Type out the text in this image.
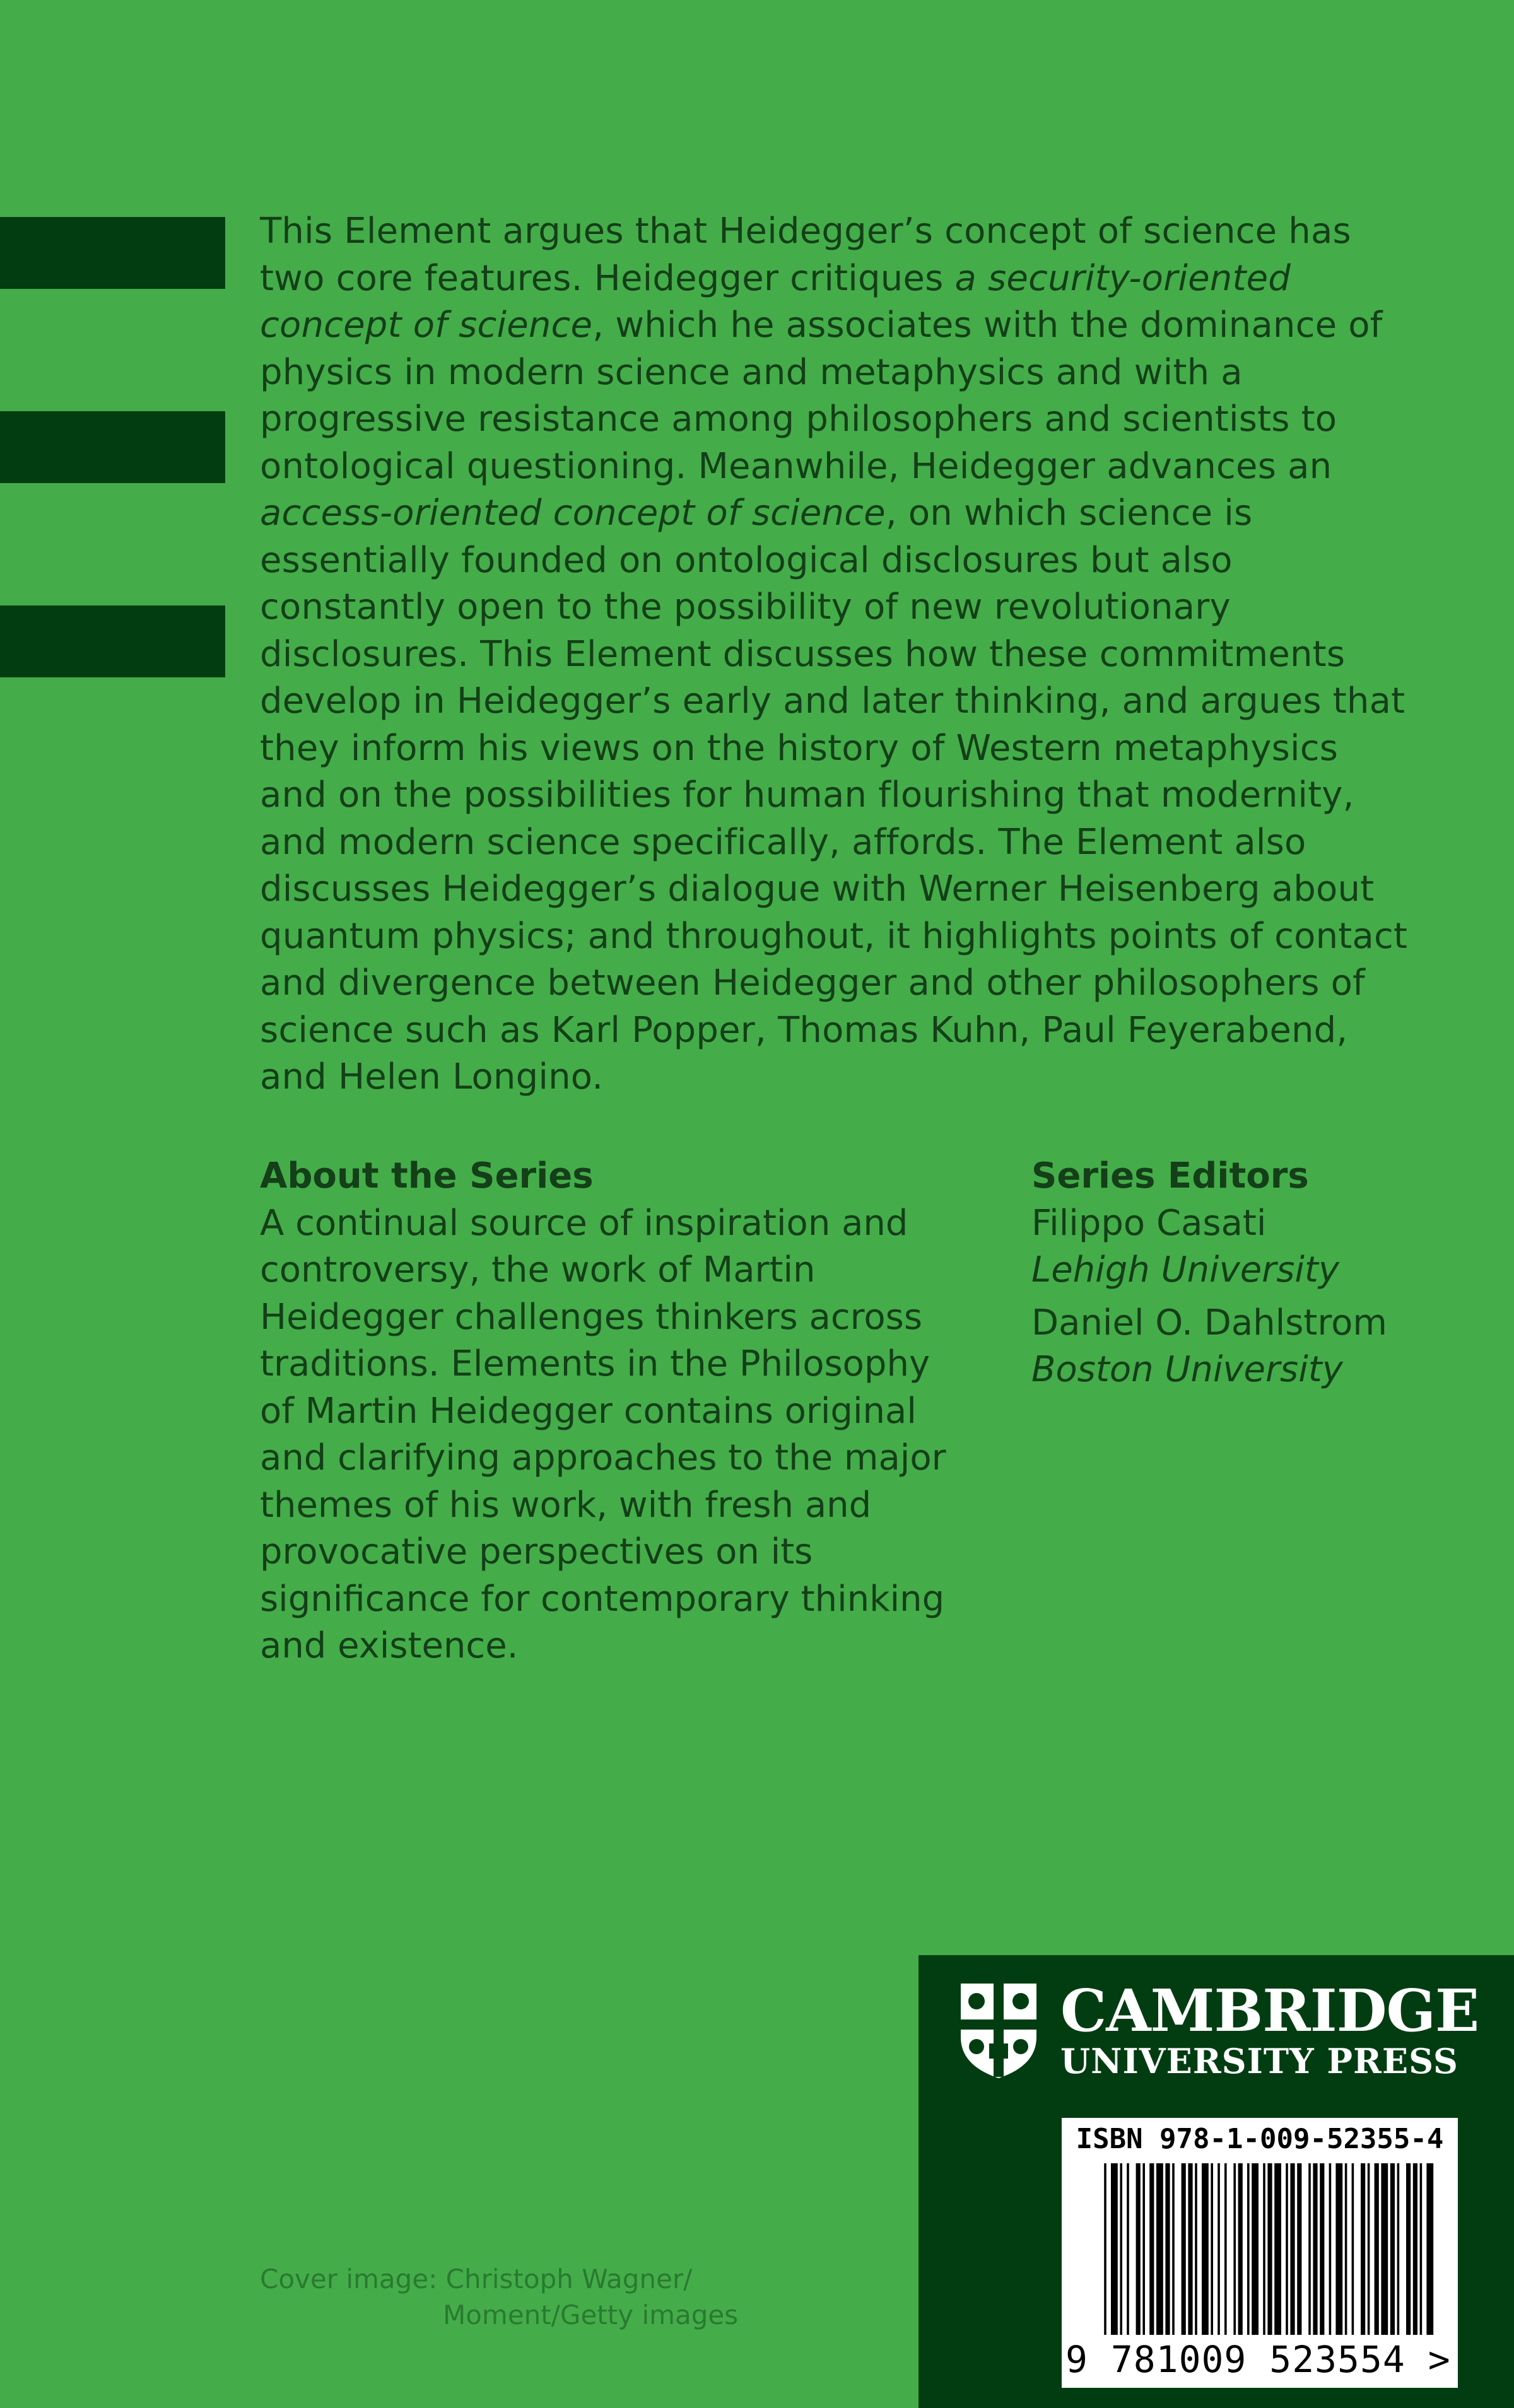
This Element argues that Heidegger’s concept of science has two core features. Heidegger critiques a security-oriented concept of science, which he associates with the dominance of physics in modern science and metaphysics and with a progressive resistance among philosophers and scientists to ontological questioning. Meanwhile, Heidegger advances an access-oriented concept of science, on which science is essentially founded on ontological disclosures but also constantly open to the possibility of new revolutionary disclosures. This Element discusses how these commitments develop in Heidegger’s early and later thinking, and argues that they inform his views on the history of Western metaphysics and on the possibilities for human flourishing that modernity, and modern science specifically, affords. The Element also discusses Heidegger’s dialogue with Werner Heisenberg about quantum physics; and throughout, it highlights points of contact and divergence between Heidegger and other philosophers of science such as Karl Popper, Thomas Kuhn, Paul Feyerabend, and Helen Longino.

About the Series

A continual source of inspiration and controversy, the work of Martin Heidegger challenges thinkers across traditions. Elements in the Philosophy of Martin Heidegger contains original and clarifying approaches to the major themes of his work, with fresh and provocative perspectives on its significance for contemporary thinking and existence.

Series Editors
Filippo Casati
Lehigh University
Daniel O. Dahlstrom
Boston University
Cover image: Christoph Wagner/
Moment/Getty images
CAMBRIDGE
UNIVERSITY PRESS
ISBN 978-1-009-52355-4
9 781009 523554 >
